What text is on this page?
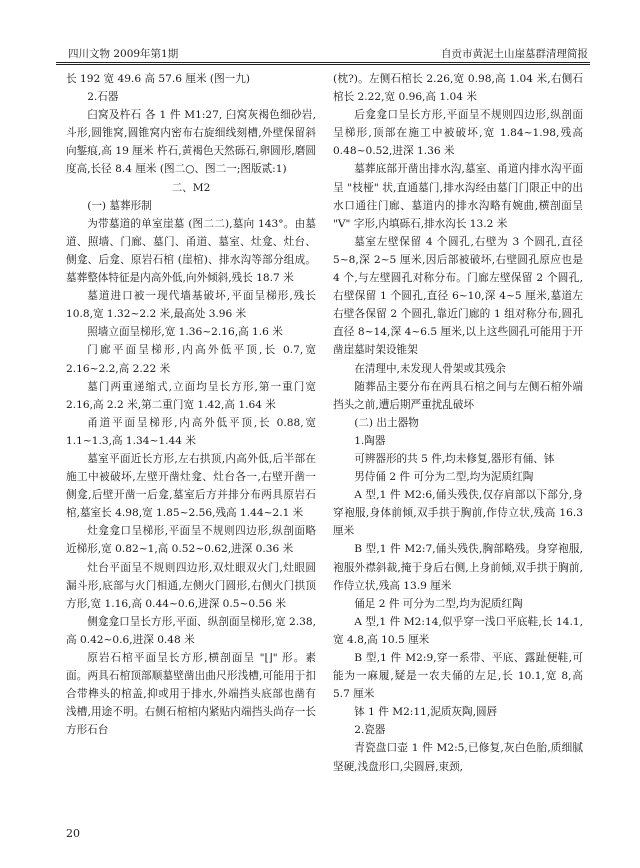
四川文物 2009年第1期	自贡市黄泥土山崖墓群清理简报

长 192 宽 49.6 高 57.6 厘米 (图一九)

2.石器

臼窝及杵石 各 1 件 M1:27, 臼窝灰褐色细砂岩,斗形,圆锥窝,圆锥窝内密布右旋细线刻槽,外壁保留斜向錾痕,高 19 厘米 杵石,黄褐色天然砾石,卵圆形,磨圆度高,长径 8.4 厘米 (图二○、图二一;图版贰:1)

二、M2

(一) 墓葬形制

为带墓道的单室崖墓 (图二二),墓向 143°。由墓道、照墙、门廊、墓门、甬道、墓室、灶龛、灶台、侧龛、后龛、原岩石棺 (崖棺)、排水沟等部分组成。墓葬整体特征是内高外低,向外倾斜,残长 18.7 米

墓道进口被一现代墙基破坏,平面呈梯形,残长 10.8,宽 1.32~2.2 米,最高处 3.96 米

照墙立面呈梯形,宽 1.36~2.16,高 1.6 米

门廊平面呈梯形,内高外低平顶,长 0.7,宽 2.16~2.2,高 2.22 米

墓门两重递缩式,立面均呈长方形,第一重门宽 2.16,高 2.2 米,第二重门宽 1.42,高 1.64 米

甬道平面呈梯形,内高外低平顶,长 0.88,宽 1.1~1.3,高 1.34~1.44 米

墓室平面近长方形,左右拱顶,内高外低,后半部在施工中被破坏,左壁开凿灶龛、灶台各一,右壁开凿一侧龛,后壁开凿一后龛,墓室后方并排分布两具原岩石棺,墓室长 4.98,宽 1.85~2.56,残高 1.44~2.1 米

灶龛龛口呈梯形,平面呈不规则四边形,纵剖面略近梯形,宽 0.82~1,高 0.52~0.62,进深 0.36 米

灶台平面呈不规则四边形,双灶眼双火门,灶眼圆漏斗形,底部与火门相通,左侧火门圆形,右侧火门拱顶方形,宽 1.16,高 0.44~0.6,进深 0.5~0.56 米

侧龛龛口呈长方形,平面、纵剖面呈梯形,宽 2.38,高 0.42~0.6,进深 0.48 米

原岩石棺平面呈长方形,横剖面呈 "⌊⌋" 形。素面。两具石棺顶部顺墓壁凿出曲尺形浅槽,可能用于扣合带榫头的棺盖,抑或用于排水,外端挡头底部也凿有浅槽,用途不明。右侧石棺棺内紧贴内端挡头尚存一长方形石台

(枕?)。左侧石棺长 2.26,宽 0.98,高 1.04 米,右侧石棺长 2.22,宽 0.96,高 1.04 米

后龛龛口呈长方形,平面呈不规则四边形,纵剖面呈梯形,顶部在施工中被破坏,宽 1.84~1.98,残高 0.48~0.52,进深 1.36 米

墓葬底部开凿出排水沟,墓室、甬道内排水沟平面呈 "枝桠" 状,直通墓门,排水沟经由墓门门限正中的出水口通往门廊、墓道内的排水沟略有婉曲,横剖面呈 "V" 字形,内填砾石,排水沟长 13.2 米

墓室左壁保留 4 个圆孔,右壁为 3 个圆孔,直径 5~8,深 2~5 厘米,因后部被破坏,右壁圆孔原应也是 4 个,与左壁圆孔对称分布。门廊左壁保留 2 个圆孔,右壁保留 1 个圆孔,直径 6~10,深 4~5 厘米,墓道左右壁各保留 2 个圆孔,靠近门廊的 1 组对称分布,圆孔直径 8~14,深 4~6.5 厘米,以上这些圆孔可能用于开凿崖墓时架设锥架

在清理中,未发现人骨架或其残余

随葬品主要分布在两具石棺之间与左侧石棺外端挡头之前,遭后期严重扰乱破坏

(二) 出土器物

1.陶器

可辨器形的共 5 件,均未修复,器形有俑、钵

男侍俑 2 件 可分为二型,均为泥质红陶

A 型,1 件 M2:6,俑头残佚,仅存肩部以下部分,身穿袍服,身体前倾,双手拱于胸前,作侍立状,残高 16.3 厘米

B 型,1 件 M2:7,俑头残佚,胸部略残。身穿袍服,袍服外襟斜裁,掩于身后右侧,上身前倾,双手拱于胸前,作侍立状,残高 13.9 厘米

俑足 2 件 可分为二型,均为泥质红陶

A 型,1 件 M2:14,似乎穿一浅口平底鞋,长 14.1,宽 4.8,高 10.5 厘米

B 型,1 件 M2:9,穿一系带、平底、露趾便鞋,可能为一麻履,疑是一农夫俑的左足,长 10.1,宽 8,高 5.7 厘米

钵 1 件 M2:11,泥质灰陶,圆唇

2.瓷器

青瓷盘口壶 1 件 M2:5,已修复,灰白色胎,质细腻坚硬,浅盘形口,尖圆唇,束颈,

20
